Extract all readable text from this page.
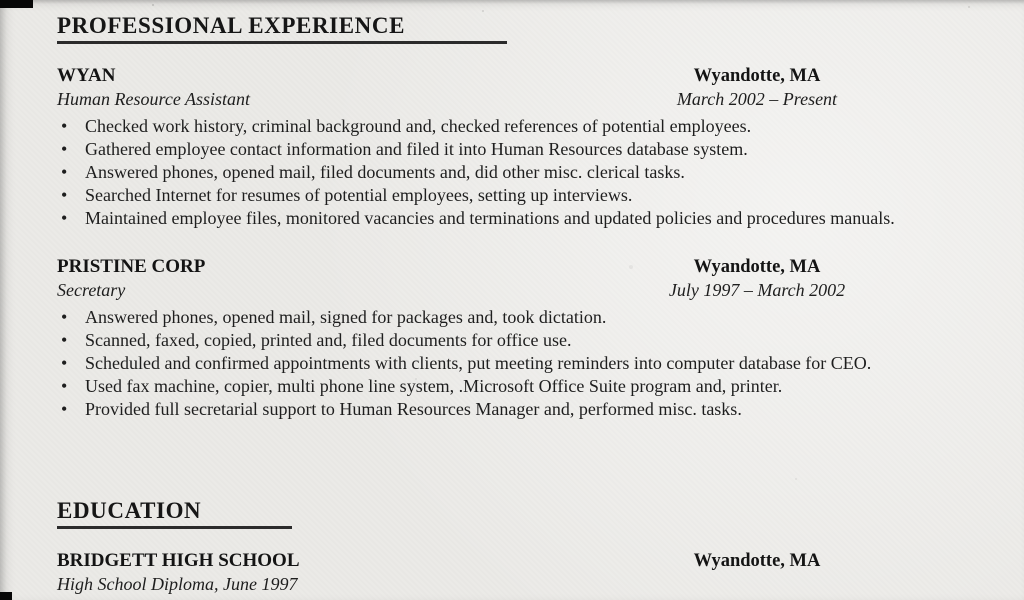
PROFESSIONAL EXPERIENCE
WYAN	Wyandotte, MA
Human Resource Assistant	March 2002 – Present
•Checked work history, criminal background and, checked references of potential employees.
•Gathered employee contact information and filed it into Human Resources database system.
•Answered phones, opened mail, filed documents and, did other misc. clerical tasks.
•Searched Internet for resumes of potential employees, setting up interviews.
•Maintained employee files, monitored vacancies and terminations and updated policies and procedures manuals.
PRISTINE CORP	Wyandotte, MA
Secretary	July 1997 – March 2002
•Answered phones, opened mail, signed for packages and, took dictation.
•Scanned, faxed, copied, printed and, filed documents for office use.
•Scheduled and confirmed appointments with clients, put meeting reminders into computer database for CEO.
•Used fax machine, copier, multi phone line system, .Microsoft Office Suite program and, printer.
•Provided full secretarial support to Human Resources Manager and, performed misc. tasks.
EDUCATION
BRIDGETT HIGH SCHOOL	Wyandotte, MA
High School Diploma, June 1997
